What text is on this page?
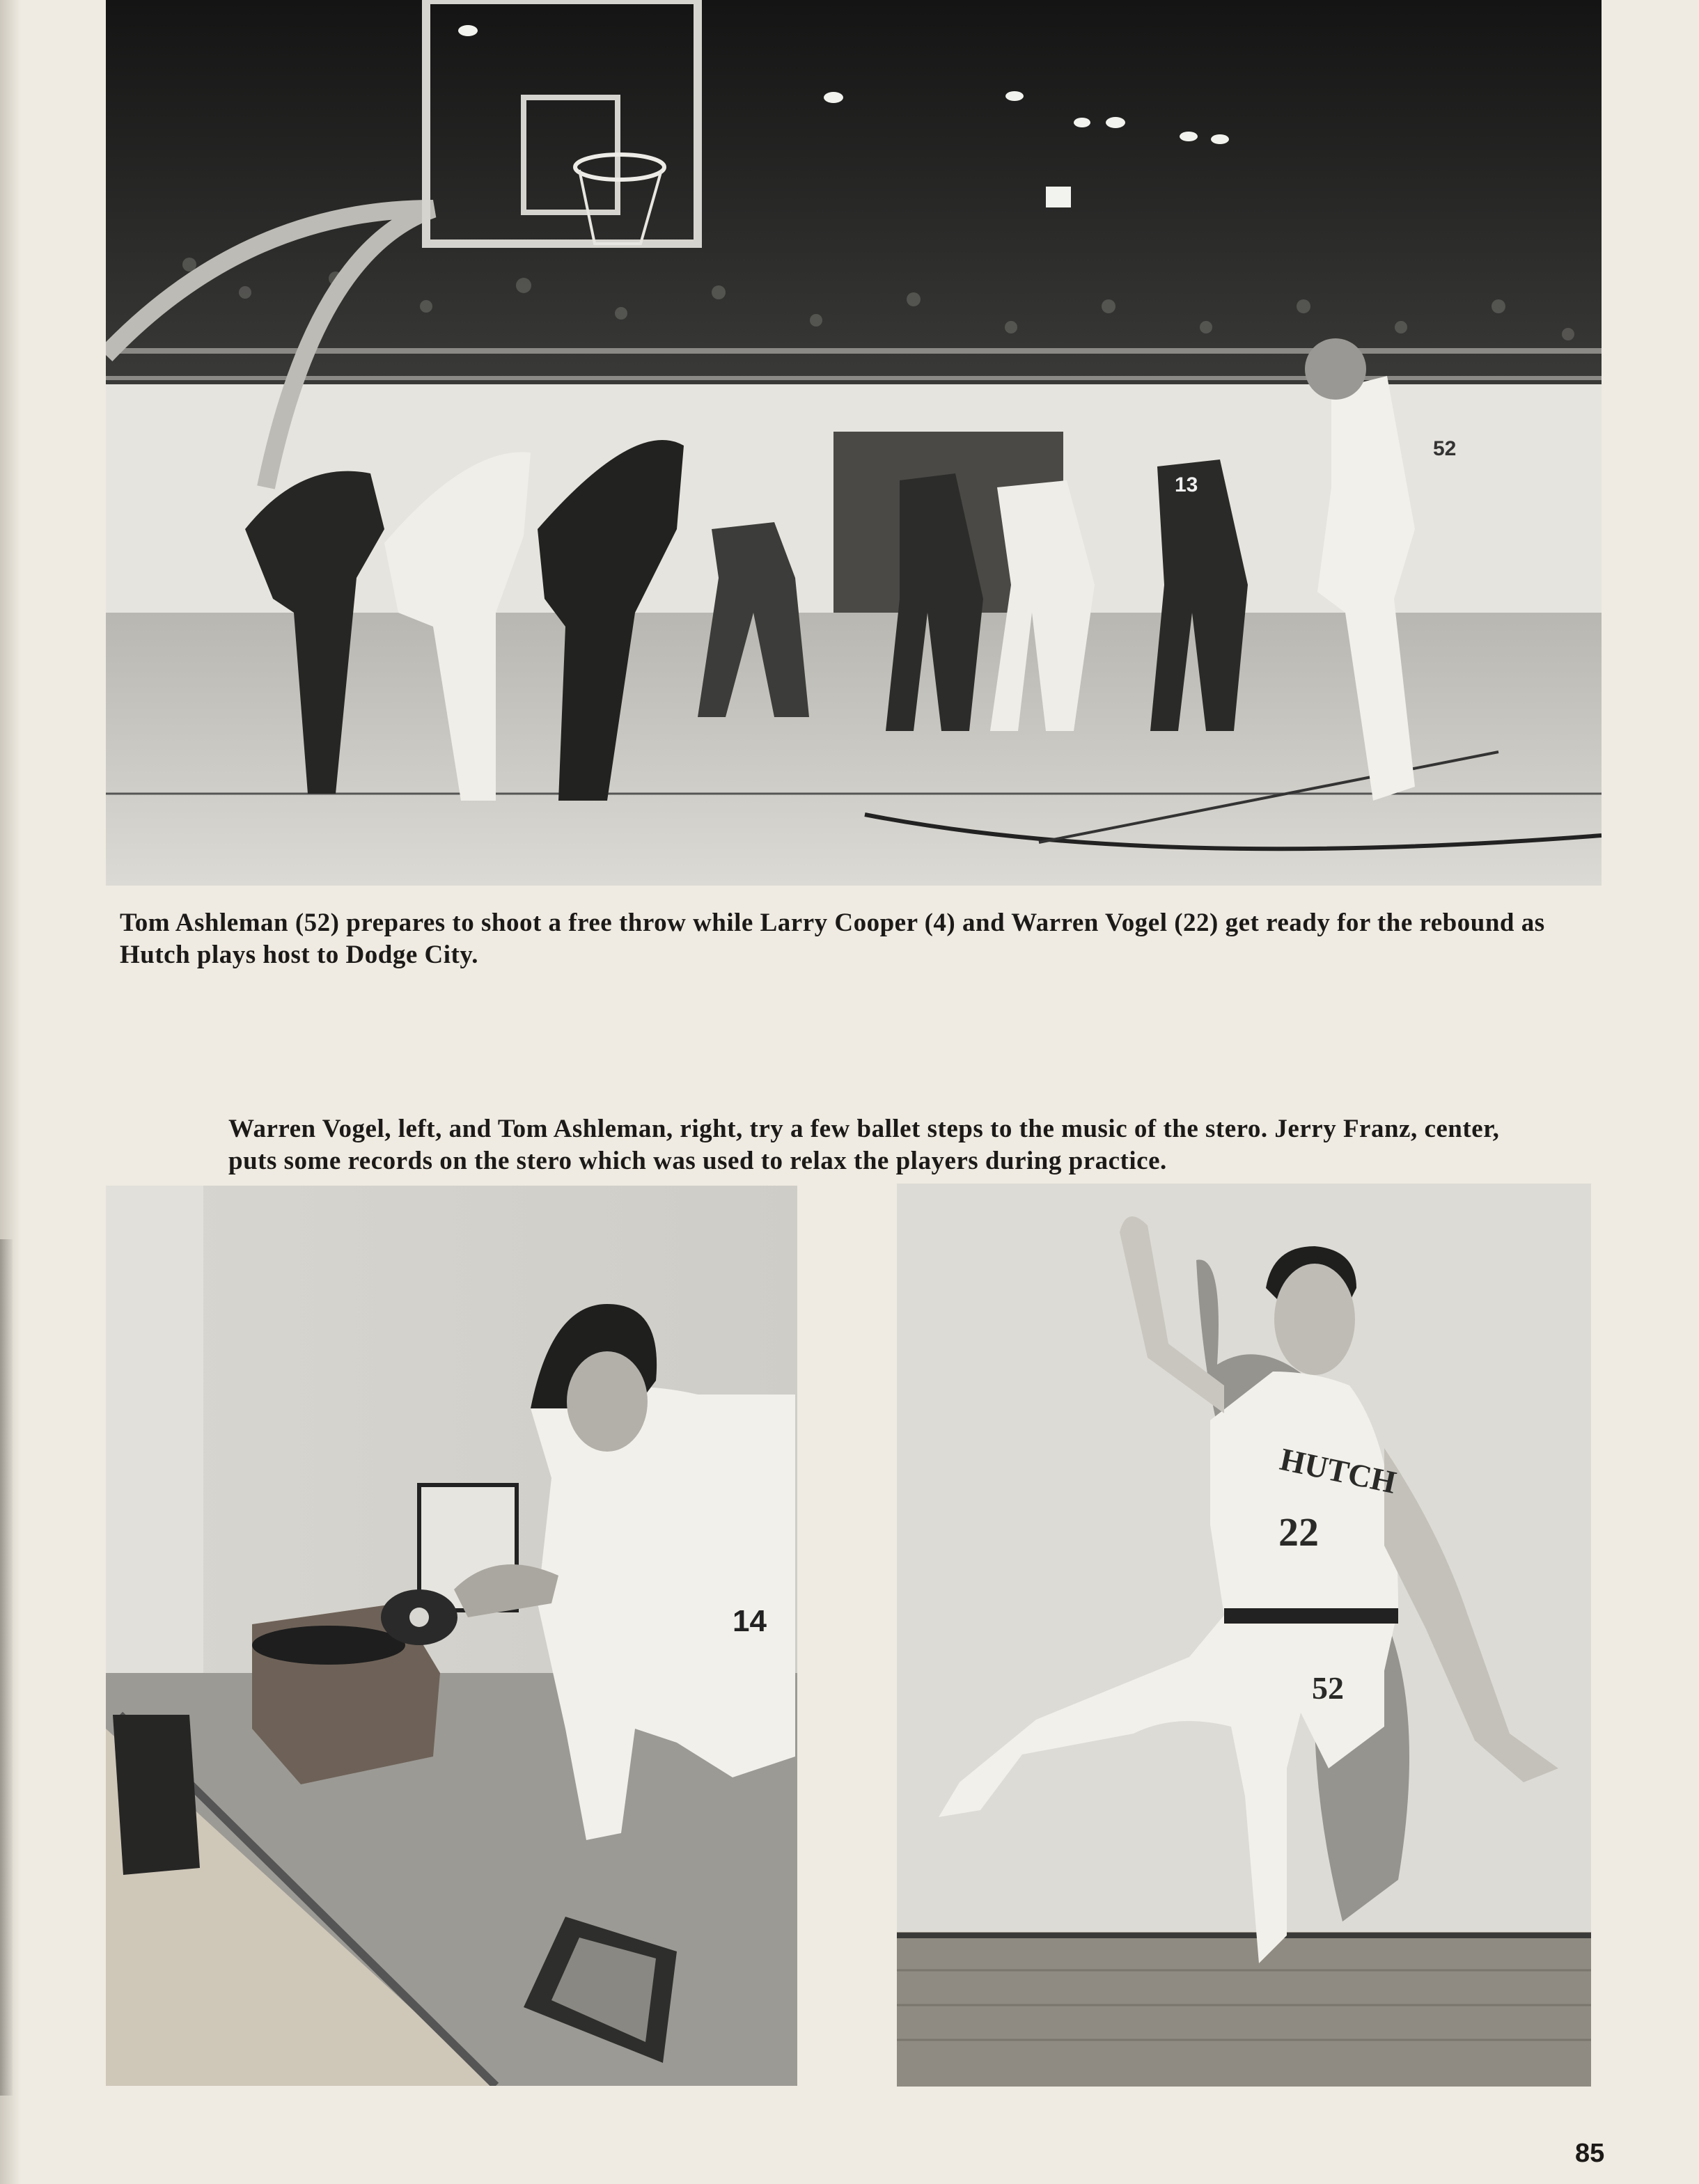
13
52

Tom Ashleman (52) prepares to shoot a free throw while Larry Cooper (4) and Warren Vogel (22) get ready for the rebound as Hutch plays host to Dodge City.

Warren Vogel, left, and Tom Ashleman, right, try a few ballet steps to the music of the stero. Jerry Franz, center, puts some records on the stero which was used to relax the players during practice.

14
HUTCH
22
52
85
